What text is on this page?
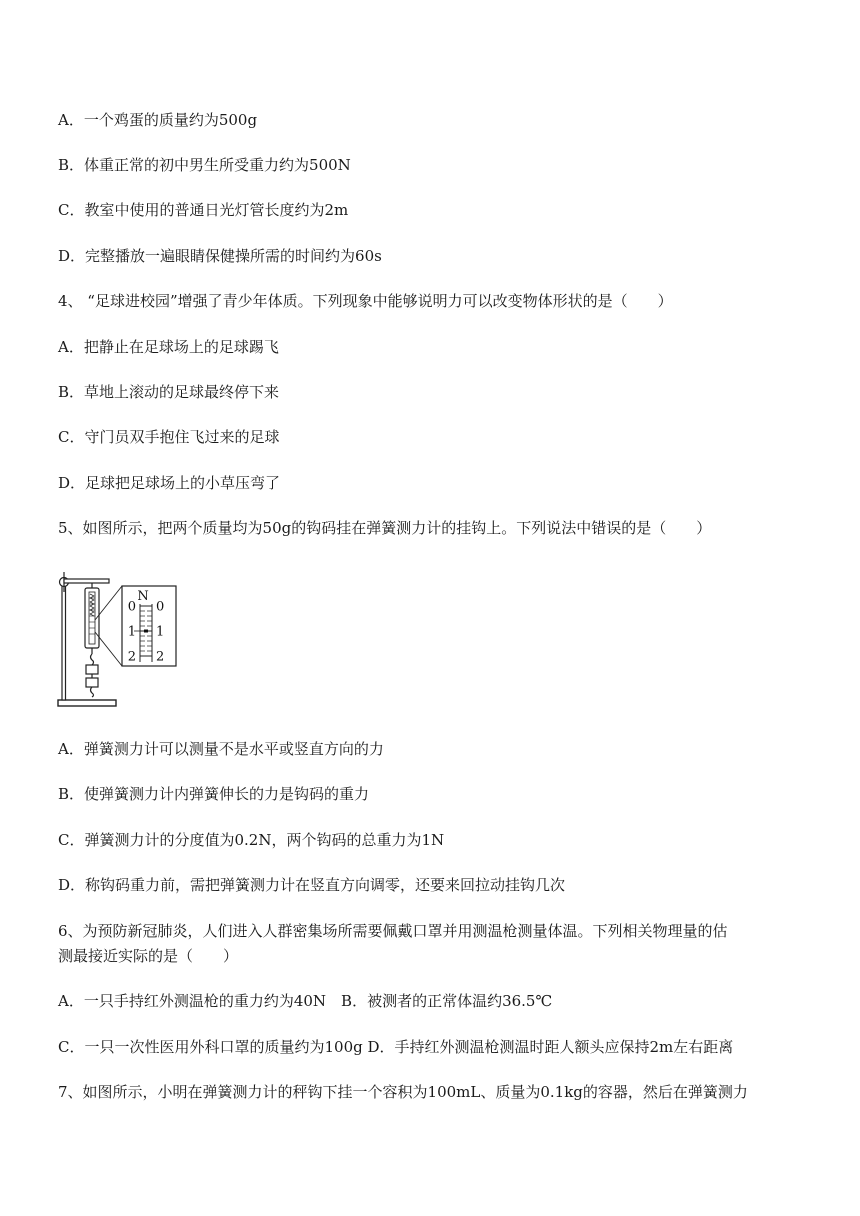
A．一个鸡蛋的质量约为500g

B．体重正常的初中男生所受重力约为500N

C．教室中使用的普通日光灯管长度约为2m

D．完整播放一遍眼睛保健操所需的时间约为60s

4、 “足球进校园”增强了青少年体质。下列现象中能够说明力可以改变物体形状的是（　　）

A．把静止在足球场上的足球踢飞

B．草地上滚动的足球最终停下来

C．守门员双手抱住飞过来的足球

D．足球把足球场上的小草压弯了

5、如图所示，把两个质量均为50g的钩码挂在弹簧测力计的挂钩上。下列说法中错误的是（　　）

N
0
1
2
0
1
2

A．弹簧测力计可以测量不是水平或竖直方向的力

B．使弹簧测力计内弹簧伸长的力是钩码的重力

C．弹簧测力计的分度值为0.2N，两个钩码的总重力为1N

D．称钩码重力前，需把弹簧测力计在竖直方向调零，还要来回拉动挂钩几次

6、为预防新冠肺炎，人们进入人群密集场所需要佩戴口罩并用测温枪测量体温。下列相关物理量的估

测最接近实际的是（　　）

A．一只手持红外测温枪的重力约为40N　B．被测者的正常体温约36.5℃

C．一只一次性医用外科口罩的质量约为100g D．手持红外测温枪测温时距人额头应保持2m左右距离

7、如图所示，小明在弹簧测力计的秤钩下挂一个容积为100mL、质量为0.1kg的容器，然后在弹簧测力
